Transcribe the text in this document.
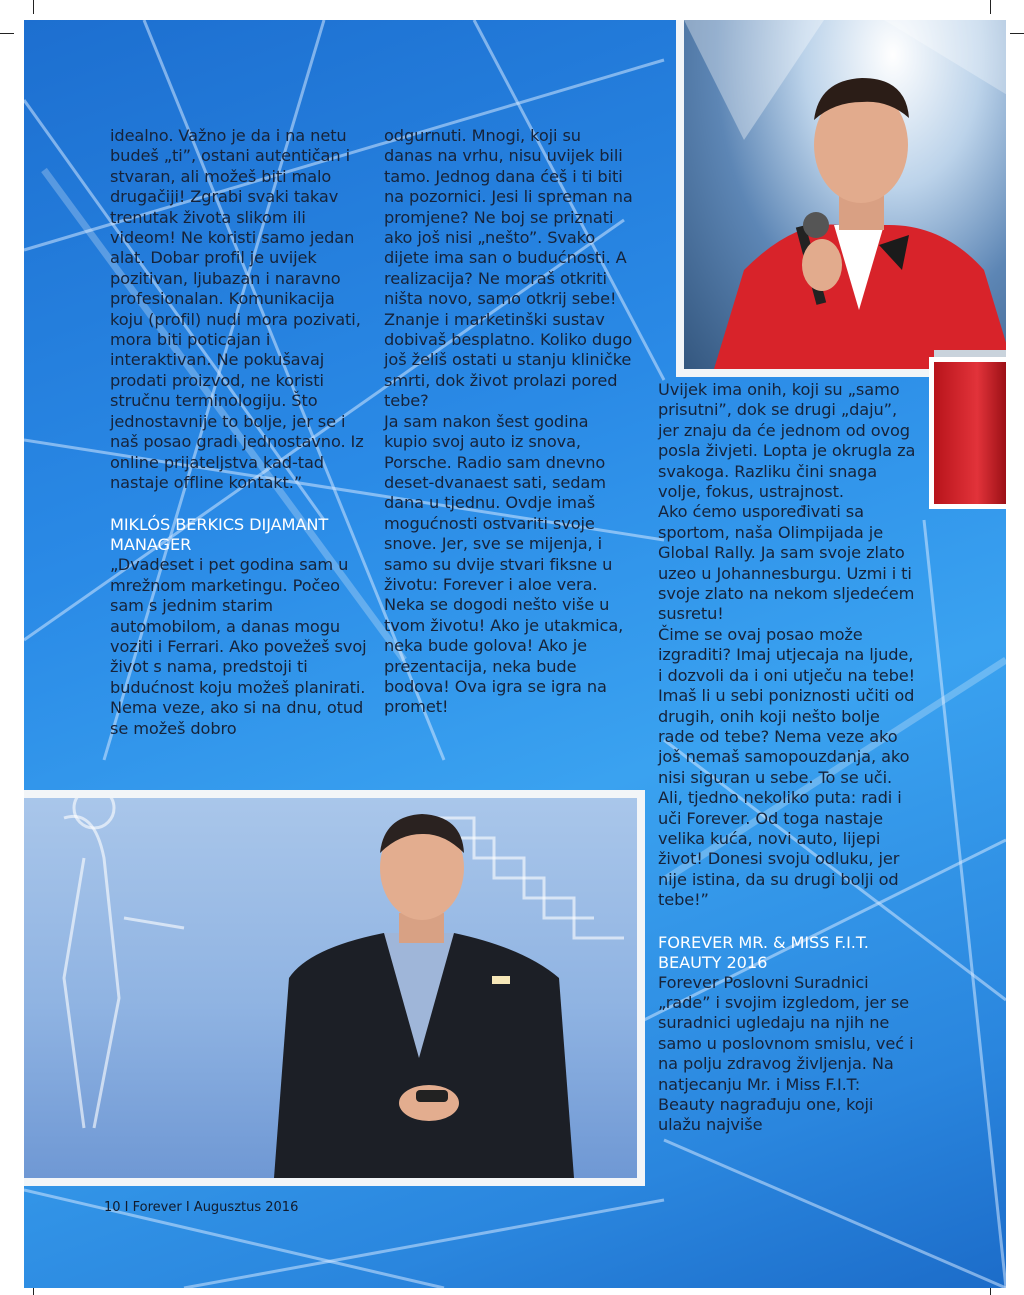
idealno. Važno je da i na netu budeš „ti”, ostani autentičan i stvaran, ali možeš biti malo drugačiji! Zgrabi svaki takav trenutak života slikom ili videom! Ne koristi samo jedan alat. Dobar profil je uvijek pozitivan, ljubazan i naravno profesionalan. Komunikacija koju (profil) nudi mora pozivati, mora biti poticajan i interaktivan. Ne pokušavaj prodati proizvod, ne koristi stručnu terminologiju. Što jednostavnije to bolje, jer se i naš posao gradi jednostavno. Iz online prijateljstva kad-tad nastaje offline kontakt.”

MIKLÓS BERKICS DIJAMANT MANAGER

„Dvadeset i pet godina sam u mrežnom marketingu. Počeo sam s jednim starim automobilom, a danas mogu voziti i Ferrari. Ako povežeš svoj život s nama, predstoji ti budućnost koju možeš planirati. Nema veze, ako si na dnu, otud se možeš dobro

odgurnuti. Mnogi, koji su danas na vrhu, nisu uvijek bili tamo. Jednog dana ćeš i ti biti na pozornici. Jesi li spreman na promjene? Ne boj se priznati ako još nisi „nešto”. Svako dijete ima san o budućnosti. A realizacija? Ne moraš otkriti ništa novo, samo otkrij sebe! Znanje i marketinški sustav dobivaš besplatno. Koliko dugo još želiš ostati u stanju kliničke smrti, dok život prolazi pored tebe?

Ja sam nakon šest godina kupio svoj auto iz snova, Porsche. Radio sam dnevno deset-dvanaest sati, sedam dana u tjednu. Ovdje imaš mogućnosti ostvariti svoje snove. Jer, sve se mijenja, i samo su dvije stvari fiksne u životu: Forever i aloe vera. Neka se dogodi nešto više u tvom životu! Ako je utakmica, neka bude golova! Ako je prezentacija, neka bude bodova! Ova igra se igra na promet!

Uvijek ima onih, koji su „samo prisutni”, dok se drugi „daju”, jer znaju da će jednom od ovog posla živjeti. Lopta je okrugla za svakoga. Razliku čini snaga volje, fokus, ustrajnost.

Ako ćemo uspoređivati sa sportom, naša Olimpijada je Global Rally. Ja sam svoje zlato uzeo u Johannesburgu. Uzmi i ti svoje zlato na nekom sljedećem susretu!

Čime se ovaj posao može izgraditi? Imaj utjecaja na ljude, i dozvoli da i oni utječu na tebe! Imaš li u sebi poniznosti učiti od drugih, onih koji nešto bolje rade od tebe? Nema veze ako još nemaš samopouzdanja, ako nisi siguran u sebe. To se uči. Ali, tjedno nekoliko puta: radi i uči Forever. Od toga nastaje velika kuća, novi auto, lijepi život! Donesi svoju odluku, jer nije istina, da su drugi bolji od tebe!”

FOREVER MR. & MISS F.I.T. BEAUTY 2016

Forever Poslovni Suradnici „rade” i svojim izgledom, jer se suradnici ugledaju na njih ne samo u poslovnom smislu, već i na polju zdravog življenja. Na natjecanju Mr. i Miss F.I.T: Beauty nagrađuju one, koji ulažu najviše

10 I Forever I Augusztus 2016
